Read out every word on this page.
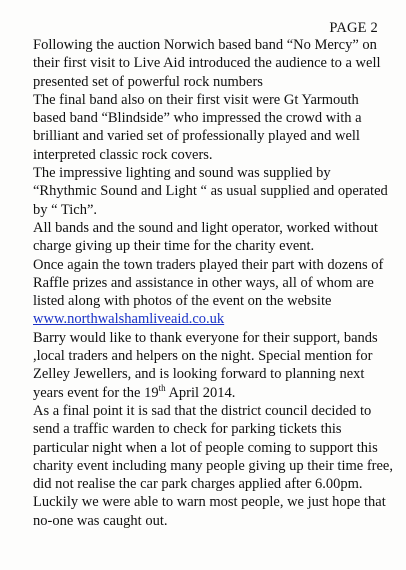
PAGE 2

Following the auction Norwich based band “No Mercy” on their first visit to Live Aid introduced the audience to a well presented set of powerful rock numbers

The final band also on their first visit were Gt Yarmouth based band “Blindside” who impressed the crowd with a brilliant and varied set of professionally played and well interpreted classic rock covers.

The impressive lighting and sound was supplied by “Rhythmic Sound and Light “ as usual supplied and operated by “ Tich”.

All bands and the sound and light operator, worked without charge giving up their time for the charity event.

Once again the town traders played their part with dozens of Raffle prizes and assistance in other ways, all of whom are listed along with photos of the event on the website

www.northwalshamliveaid.co.uk

Barry would like to thank everyone for their support, bands ,local traders and helpers on the night. Special mention for Zelley Jewellers, and is looking forward to planning next years event for the 19th April 2014.

As a final point it is sad that the district council decided to send a traffic warden to check for parking tickets this particular night when a lot of people coming to support this charity event including many people giving up their time free, did not realise the car park charges applied after 6.00pm. Luckily we were able to warn most people, we just hope that no-one was caught out.
